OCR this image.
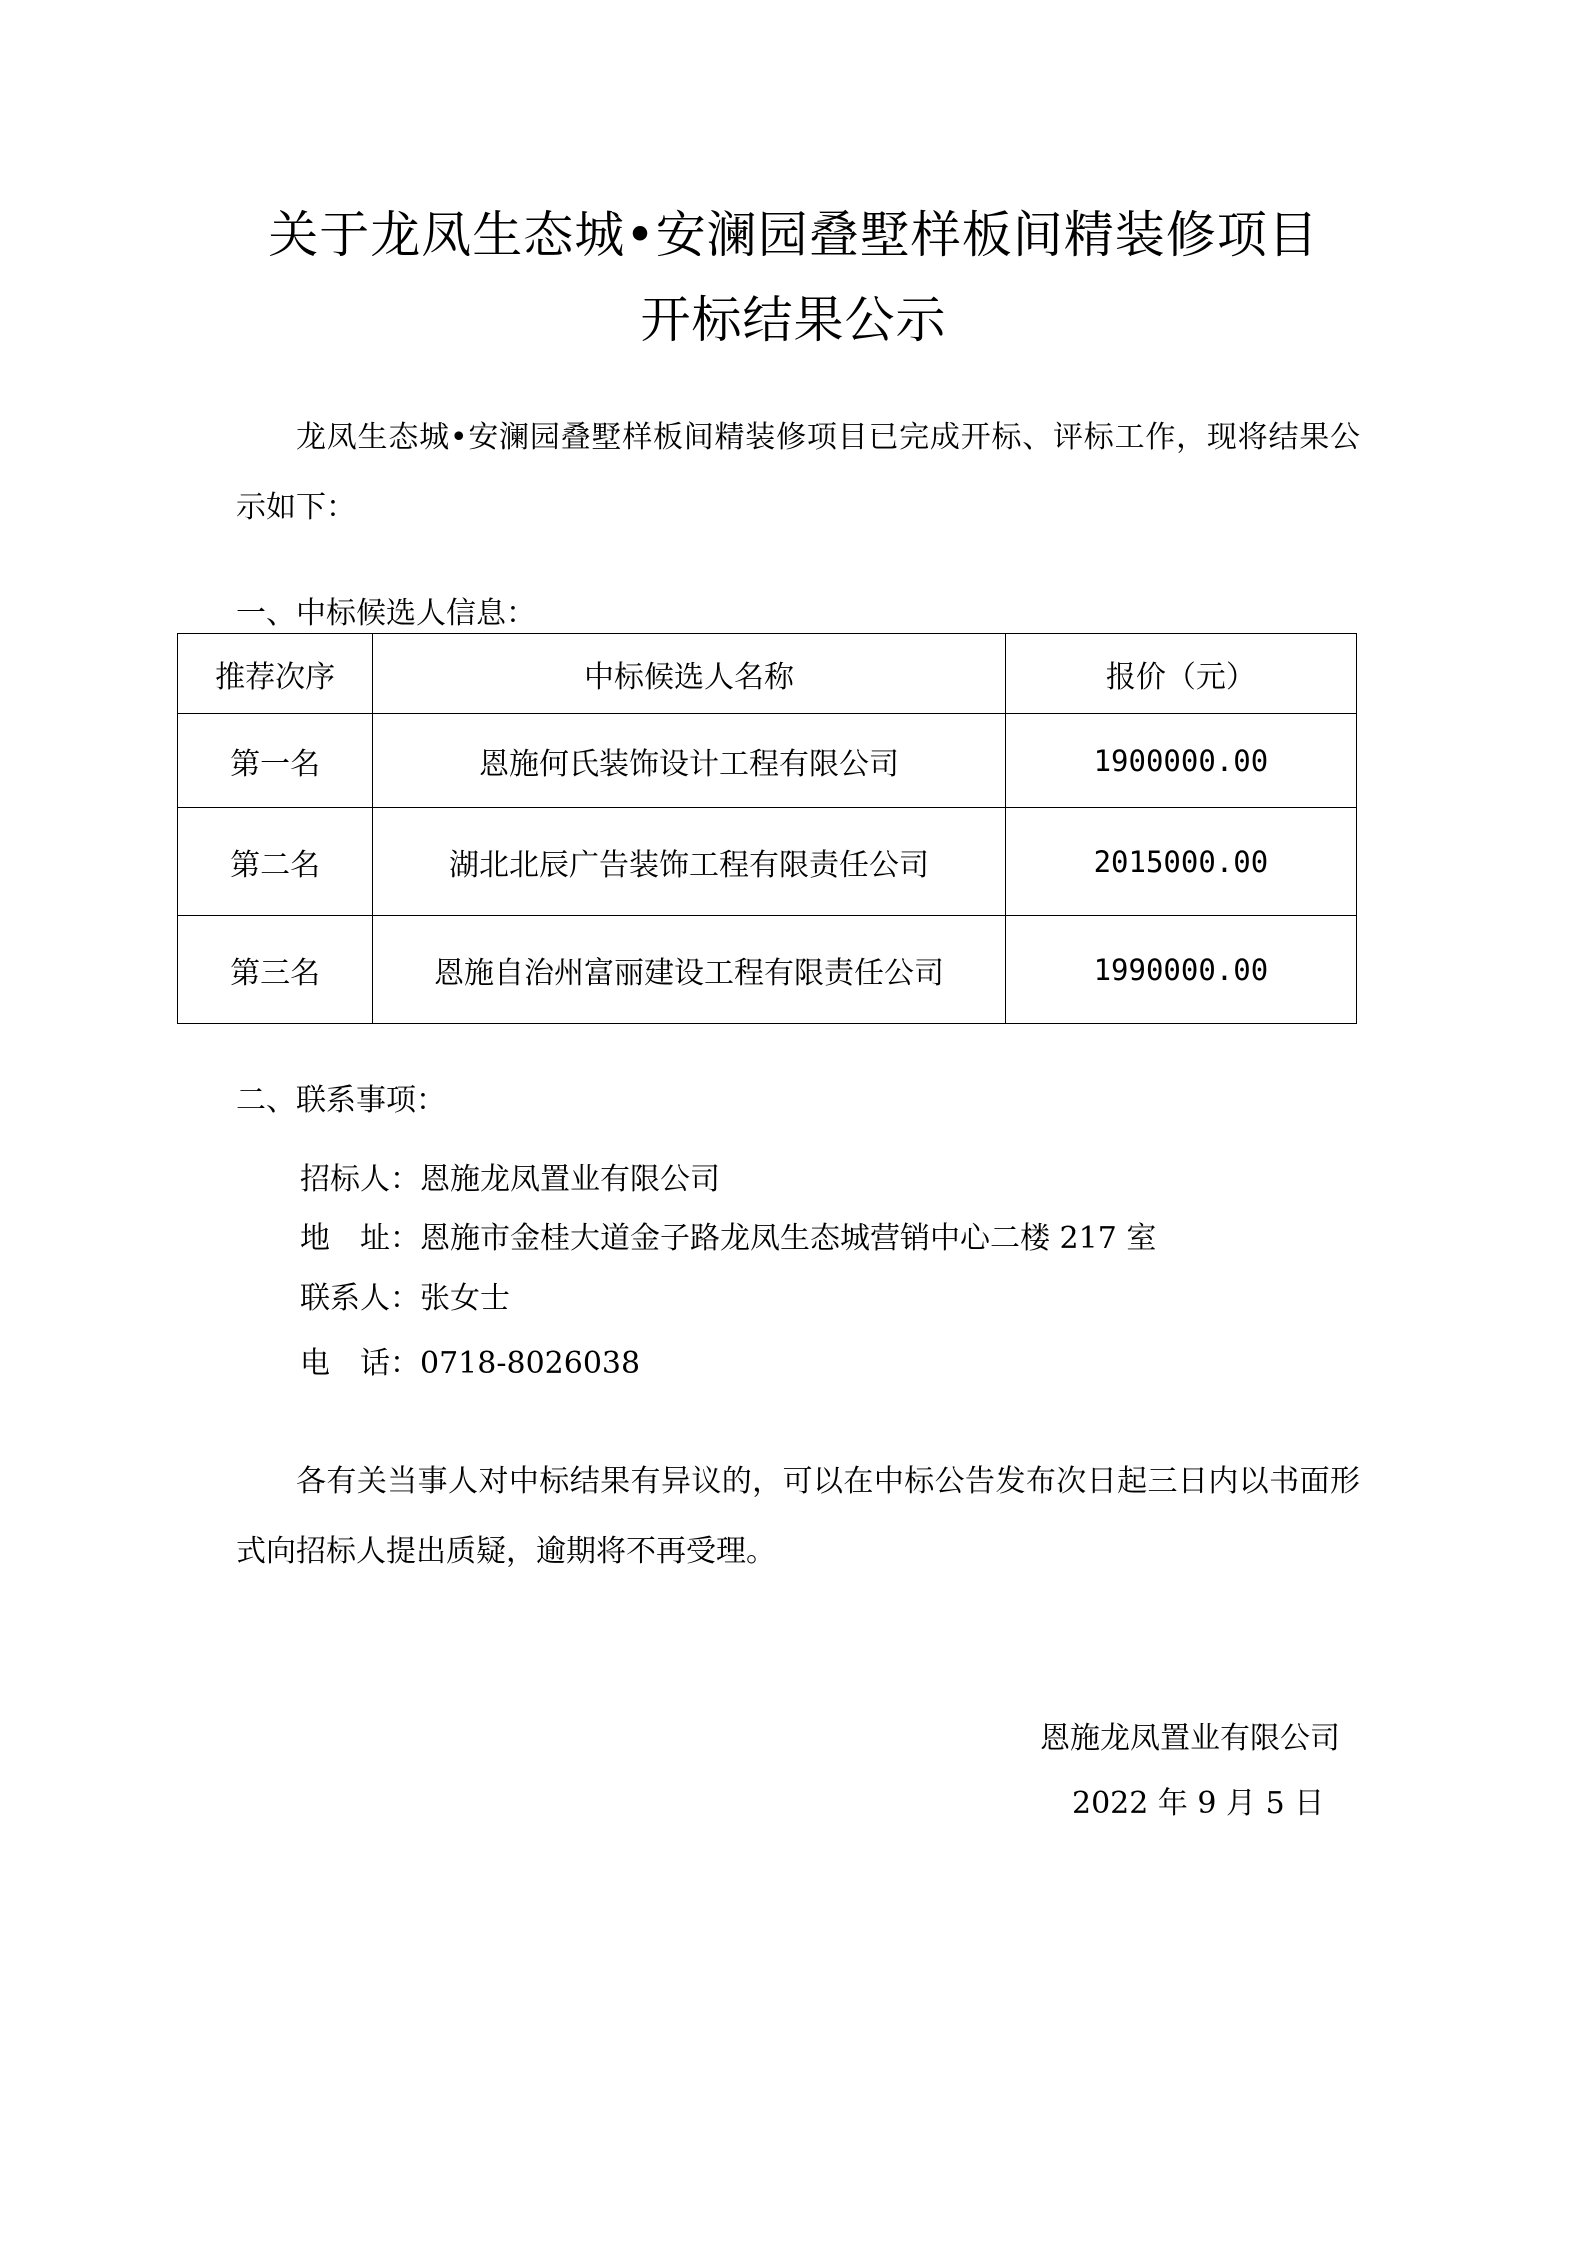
关于龙凤生态城•安澜园叠墅样板间精装修项目
开标结果公示
龙凤生态城•安澜园叠墅样板间精装修项目已完成开标、评标工作，现将结果公示如下：
一、中标候选人信息：
推荐次序	中标候选人名称	报价（元）
第一名	恩施何氏装饰设计工程有限公司	1900000.00
第二名	湖北北辰广告装饰工程有限责任公司	2015000.00
第三名	恩施自治州富丽建设工程有限责任公司	1990000.00
二、联系事项：
招标人：恩施龙凤置业有限公司
地　址：恩施市金桂大道金子路龙凤生态城营销中心二楼 217 室
联系人：张女士
电　话：0718-8026038
各有关当事人对中标结果有异议的，可以在中标公告发布次日起三日内以书面形式向招标人提出质疑，逾期将不再受理。
恩施龙凤置业有限公司
2022 年 9 月 5 日
